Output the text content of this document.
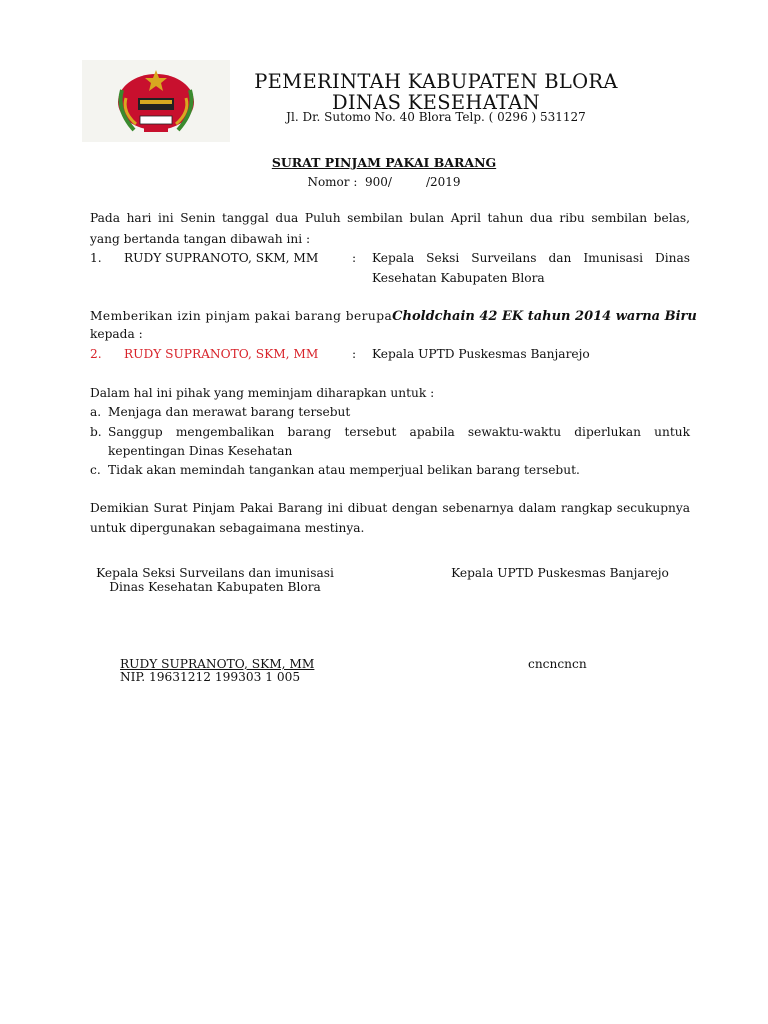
PEMERINTAH KABUPATEN BLORA
DINAS KESEHATAN
Jl. Dr. Sutomo No. 40 Blora Telp. ( 0296 ) 531127
SURAT PINJAM PAKAI BARANG
Nomor : 900/	/2019
Pada hari ini Senin tanggal dua Puluh sembilan bulan April tahun dua ribu sembilan belas,
yang bertanda tangan dibawah ini :
1. RUDY SUPRANOTO, SKM, MM	: Kepala Seksi Surveilans dan Imunisasi Dinas
Kesehatan Kabupaten Blora
Memberikan izin pinjam pakai barang berupa Choldchain 42 EK tahun 2014 warna Biru
kepada :
2. RUDY SUPRANOTO, SKM, MM	: Kepala UPTD Puskesmas Banjarejo
Dalam hal ini pihak yang meminjam diharapkan untuk :
a. Menjaga dan merawat barang tersebut
b. Sanggup mengembalikan barang tersebut apabila sewaktu-waktu diperlukan untuk
kepentingan Dinas Kesehatan
c. Tidak akan memindah tangankan atau memperjual belikan barang tersebut.
Demikian Surat Pinjam Pakai Barang ini dibuat dengan sebenarnya dalam rangkap secukupnya
untuk dipergunakan sebagaimana mestinya.
Kepala Seksi Surveilans dan imunisasi
Dinas Kesehatan Kabupaten Blora
Kepala UPTD Puskesmas Banjarejo
RUDY SUPRANOTO, SKM, MM
NIP. 19631212 199303 1 005
cncncncn
